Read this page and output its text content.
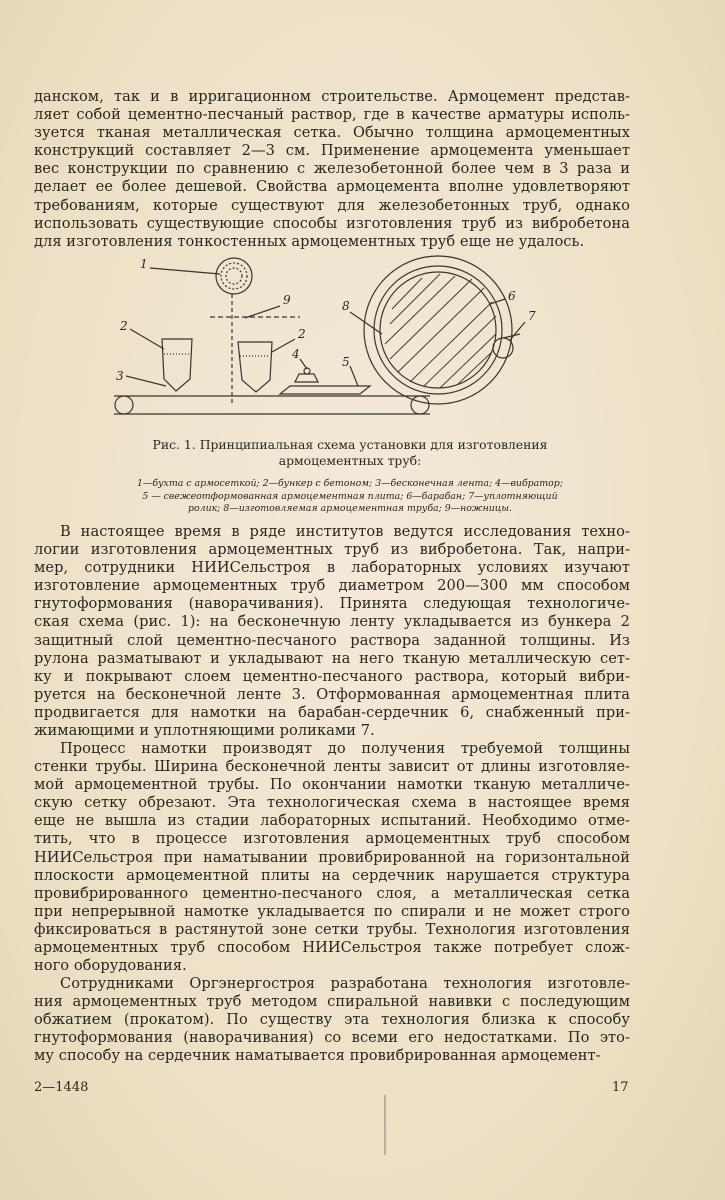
данском, так и в ирригационном строительстве. Армоцемент представ-
ляет собой цементно-песчаный раствор, где в качестве арматуры исполь-
зуется тканая металлическая сетка. Обычно толщина армоцементных
конструкций составляет 2—3 см. Применение армоцемента уменьшает
вес конструкции по сравнению с железобетонной более чем в 3 раза и
делает ее более дешевой. Свойства армоцемента вполне удовлетворяют
требованиям, которые существуют для железобетонных труб, однако
использовать существующие способы изготовления труб из вибробетона
для изготовления тонкостенных армоцементных труб еще не удалось.
1
2
3
2
9
4
5
8
6
7
Рис. 1. Принципиальная схема установки для изготовления
армоцементных труб:
1—бухта с армосеткой; 2—бункер с бетоном; 3—бесконечная лента; 4—вибратор;
5 — свежеотформованная армоцементная плита; 6—барабан; 7—уплотняющий
ролик; 8—изготовляемая армоцементная труба; 9—ножницы.
В настоящее время в ряде институтов ведутся исследования техно-
логии изготовления армоцементных труб из вибробетона. Так, напри-
мер, сотрудники НИИСельстроя в лабораторных условиях изучают
изготовление армоцементных труб диаметром 200—300 мм способом
гнутоформования (наворачивания). Принята следующая технологиче-
ская схема (рис. 1): на бесконечную ленту укладывается из бункера 2
защитный слой цементно-песчаного раствора заданной толщины. Из
рулона разматывают и укладывают на него тканую металлическую сет-
ку и покрывают слоем цементно-песчаного раствора, который вибри-
руется на бесконечной ленте 3. Отформованная армоцементная плита
продвигается для намотки на барабан-сердечник 6, снабженный при-
жимающими и уплотняющими роликами 7.
Процесс намотки производят до получения требуемой толщины
стенки трубы. Ширина бесконечной ленты зависит от длины изготовляе-
мой армоцементной трубы. По окончании намотки тканую металличе-
скую сетку обрезают. Эта технологическая схема в настоящее время
еще не вышла из стадии лабораторных испытаний. Необходимо отме-
тить, что в процессе изготовления армоцементных труб способом
НИИСельстроя при наматывании провибрированной на горизонтальной
плоскости армоцементной плиты на сердечник нарушается структура
провибрированного цементно-песчаного слоя, а металлическая сетка
при непрерывной намотке укладывается по спирали и не может строго
фиксироваться в растянутой зоне сетки трубы. Технология изготовления
армоцементных труб способом НИИСельстроя также потребует слож-
ного оборудования.
Сотрудниками Оргэнергостроя разработана технология изготовле-
ния армоцементных труб методом спиральной навивки с последующим
обжатием (прокатом). По существу эта технология близка к способу
гнутоформования (наворачивания) со всеми его недостатками. По это-
му способу на сердечник наматывается провибрированная армоцемент-
2—1448	17
